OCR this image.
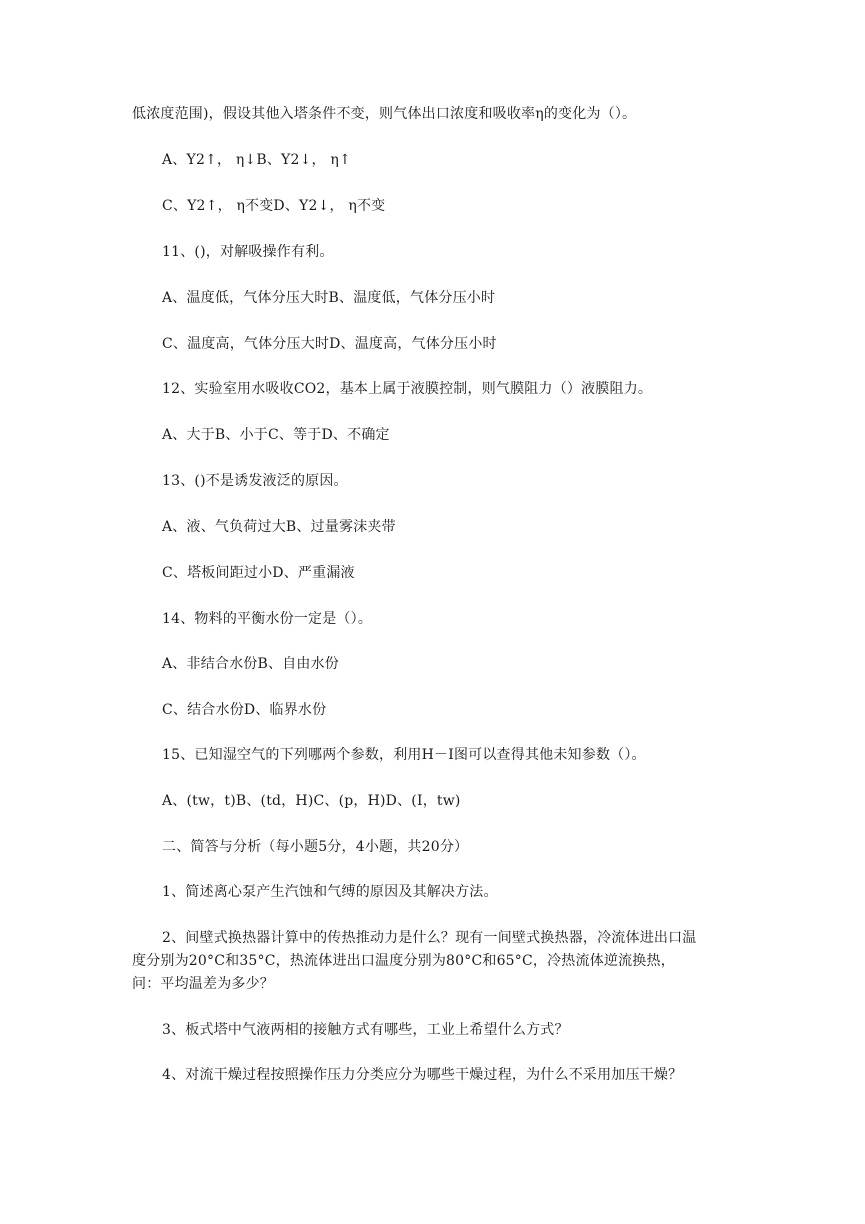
低浓度范围)，假设其他入塔条件不变，则气体出口浓度和吸收率η的变化为（）。
A、Y2↑， η↓B、Y2↓， η↑
C、Y2↑， η不变D、Y2↓， η不变
11、()，对解吸操作有利。
A、温度低，气体分压大时B、温度低，气体分压小时
C、温度高，气体分压大时D、温度高，气体分压小时
12、实验室用水吸收CO2，基本上属于液膜控制，则气膜阻力（）液膜阻力。
A、大于B、小于C、等于D、不确定
13、()不是诱发液泛的原因。
A、液、气负荷过大B、过量雾沫夹带
C、塔板间距过小D、严重漏液
14、物料的平衡水份一定是（）。
A、非结合水份B、自由水份
C、结合水份D、临界水份
15、已知湿空气的下列哪两个参数，利用H－I图可以查得其他未知参数（）。
A、(tw，t)B、(td，H)C、(p，H)D、(I，tw)
二、简答与分析（每小题5分，4小题，共20分）
1、简述离心泵产生汽蚀和气缚的原因及其解决方法。
2、间壁式换热器计算中的传热推动力是什么？现有一间壁式换热器，冷流体进出口温
度分别为20°C和35°C，热流体进出口温度分别为80°C和65°C，冷热流体逆流换热，
问：平均温差为多少？
3、板式塔中气液两相的接触方式有哪些，工业上希望什么方式？
4、对流干燥过程按照操作压力分类应分为哪些干燥过程，为什么不采用加压干燥？
